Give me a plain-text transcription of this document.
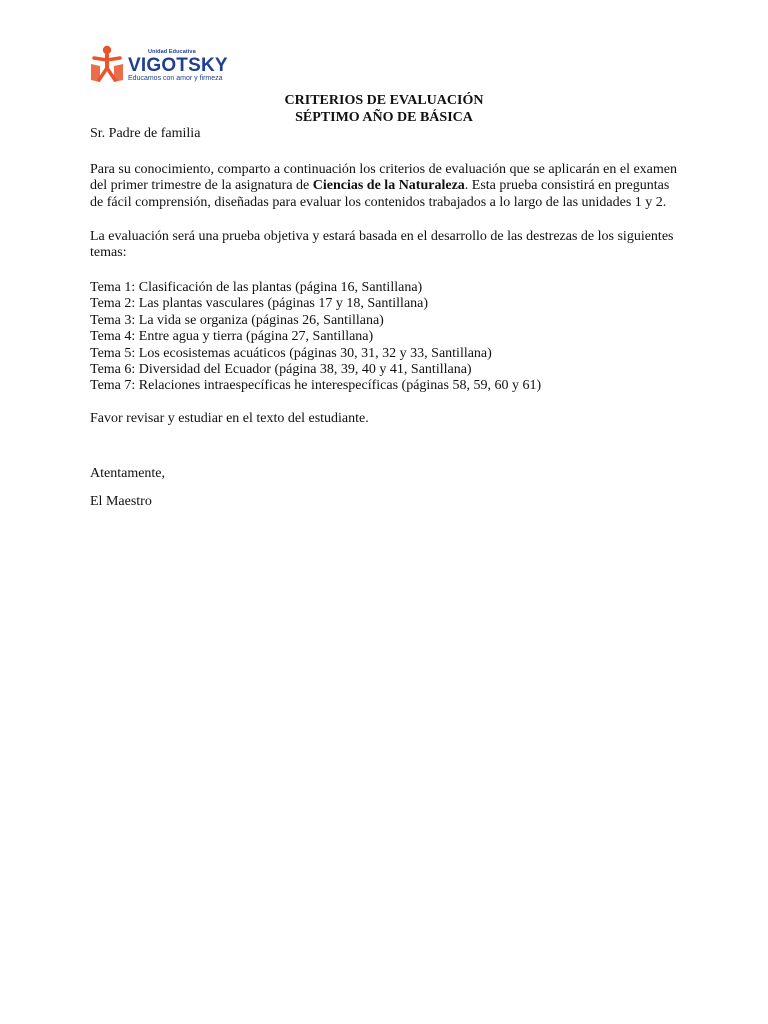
Unidad Educativa
VIGOTSKY
Educamos con amor y firmeza
CRITERIOS DE EVALUACIÓN
SÉPTIMO AÑO DE BÁSICA
Sr. Padre de familia
Para su conocimiento, comparto a continuación los criterios de evaluación que se aplicarán en el examen del primer trimestre de la asignatura de Ciencias de la Naturaleza. Esta prueba consistirá en preguntas de fácil comprensión, diseñadas para evaluar los contenidos trabajados a lo largo de las unidades 1 y 2.
La evaluación será una prueba objetiva y estará basada en el desarrollo de las destrezas de los siguientes temas:
Tema 1: Clasificación de las plantas (página 16, Santillana)
Tema 2: Las plantas vasculares (páginas 17 y 18, Santillana)
Tema 3: La vida se organiza (páginas 26, Santillana)
Tema 4: Entre agua y tierra (página 27, Santillana)
Tema 5: Los ecosistemas acuáticos (páginas 30, 31, 32 y 33, Santillana)
Tema 6: Diversidad del Ecuador (página 38, 39, 40 y 41, Santillana)
Tema 7: Relaciones intraespecíficas he interespecíficas (páginas 58, 59, 60 y 61)
Favor revisar y estudiar en el texto del estudiante.
Atentamente,
El Maestro
